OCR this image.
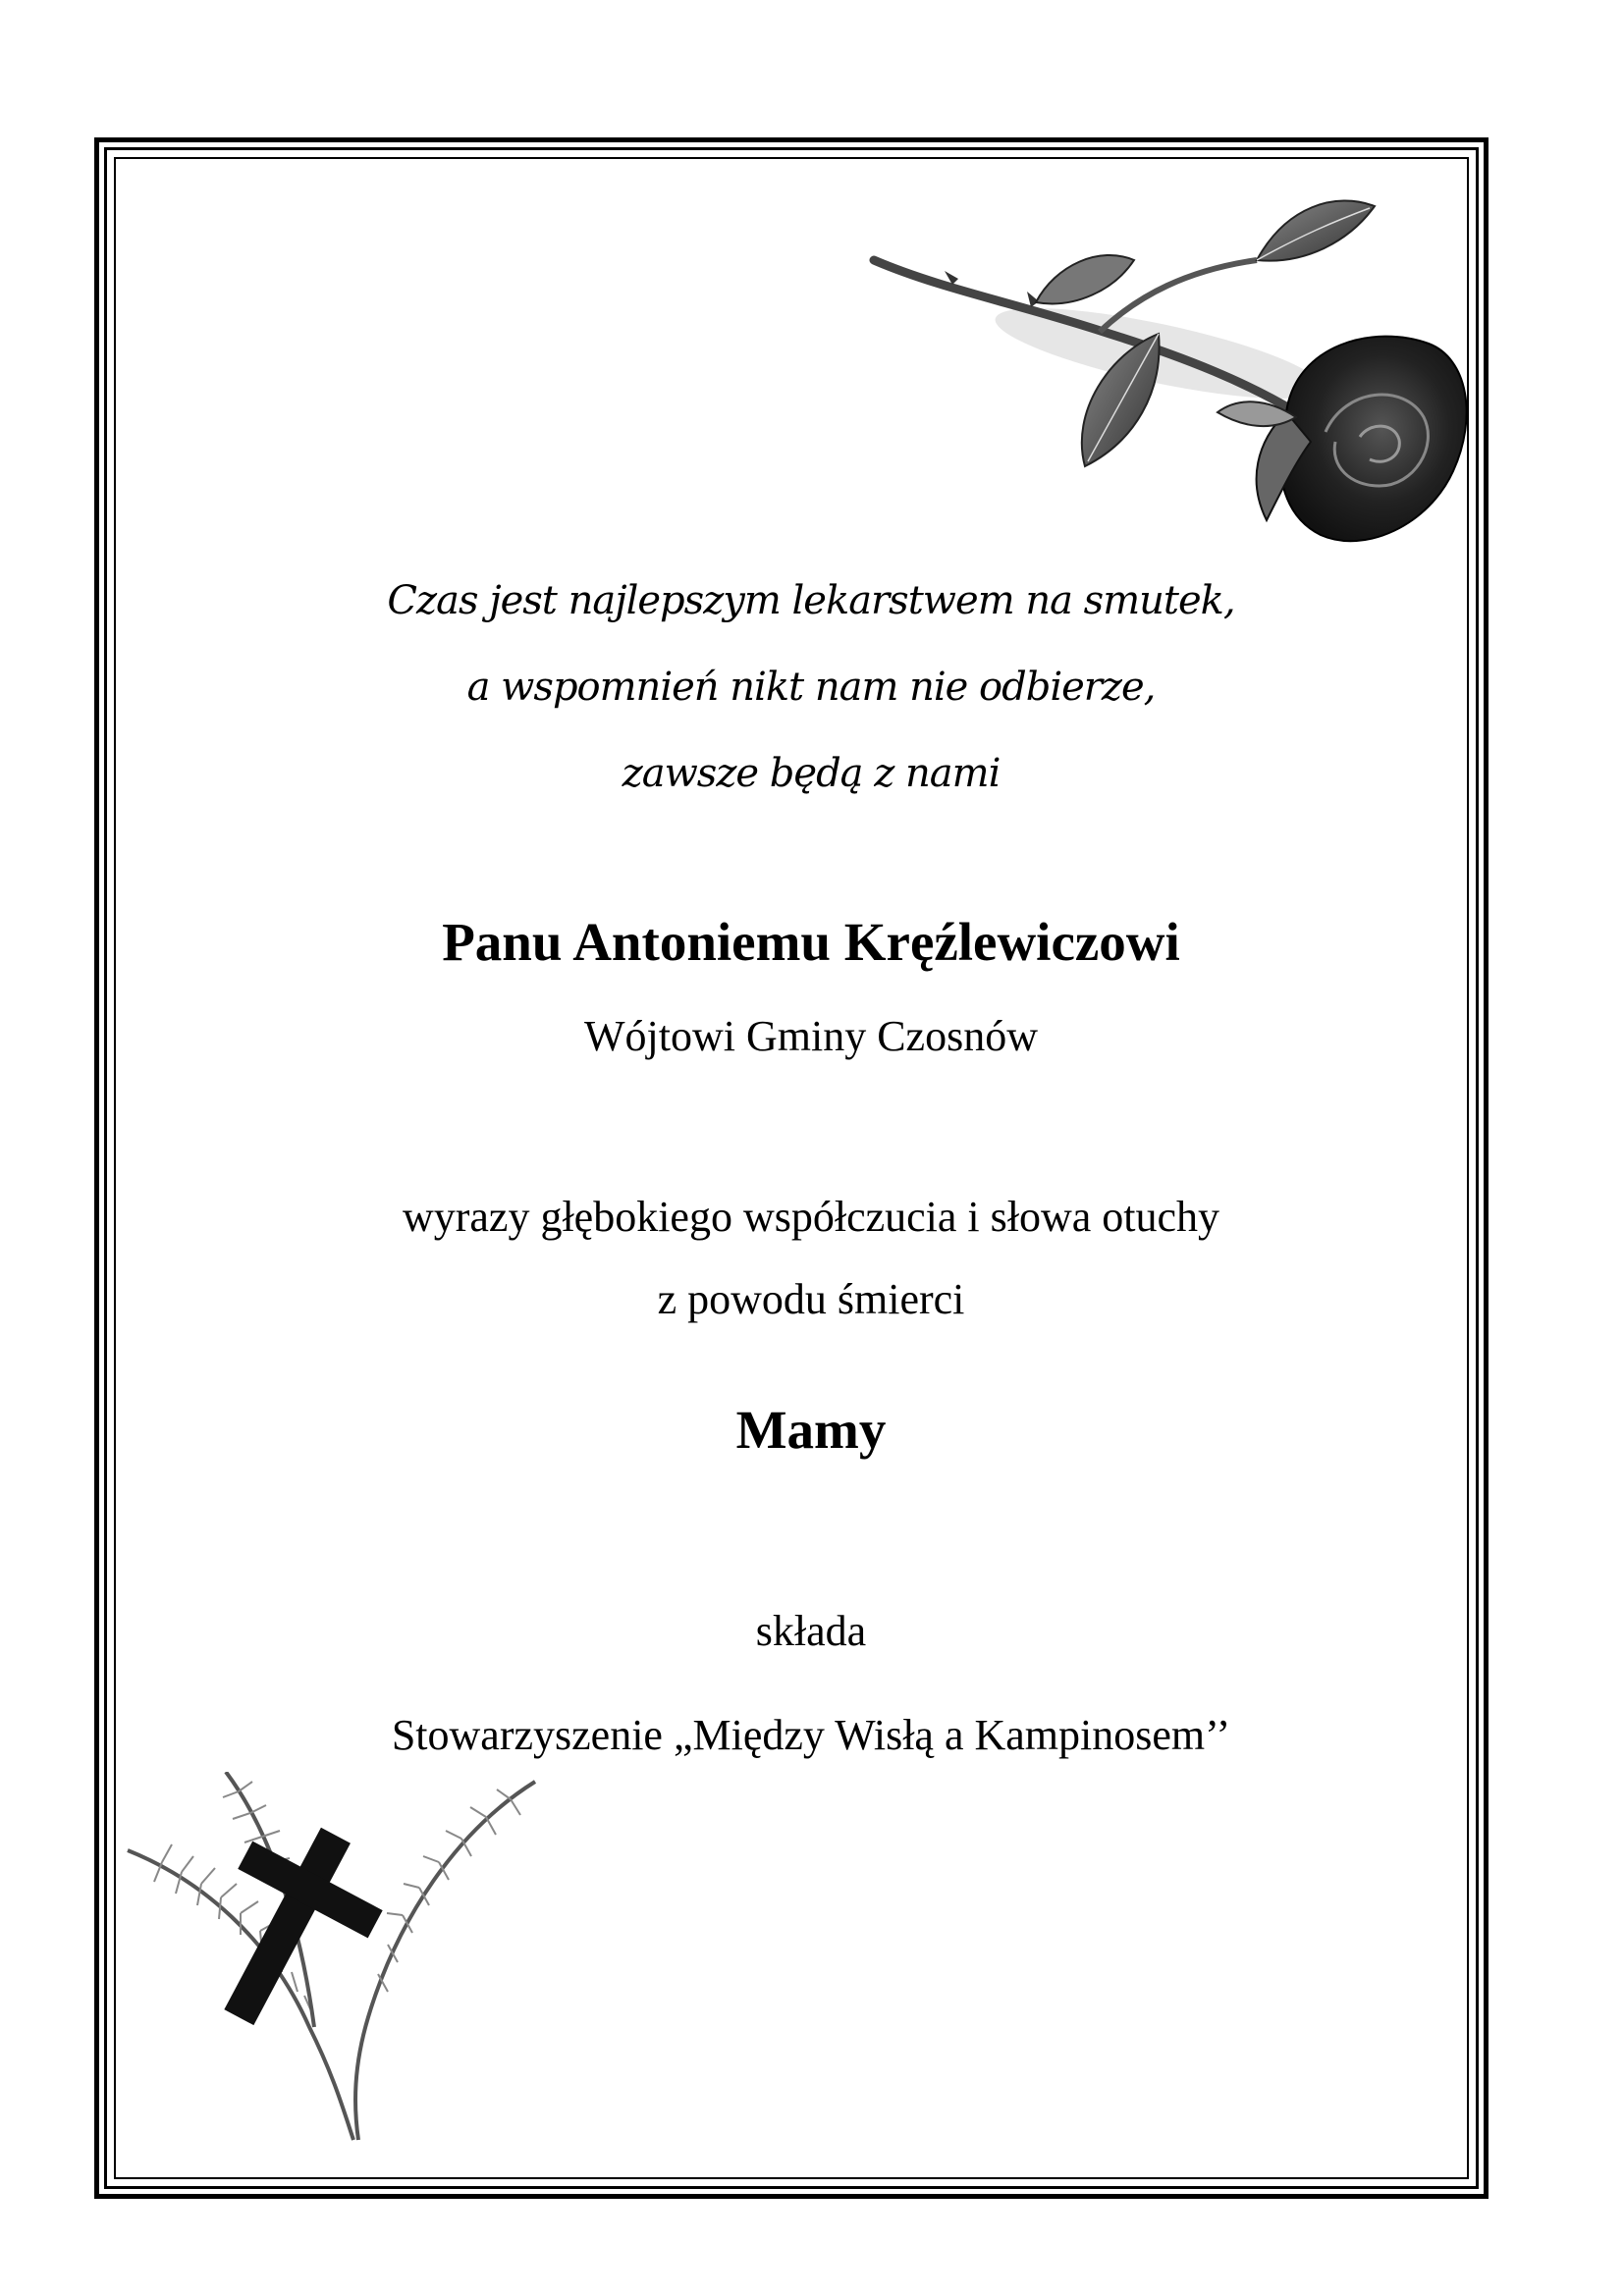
Czas jest najlepszym lekarstwem na smutek,
a wspomnień nikt nam nie odbierze,
zawsze będą z nami
Panu Antoniemu Kręźlewiczowi
Wójtowi Gminy Czosnów
wyrazy głębokiego współczucia i słowa otuchy
z powodu śmierci
Mamy
składa
Stowarzyszenie „Między Wisłą a Kampinosem’’
